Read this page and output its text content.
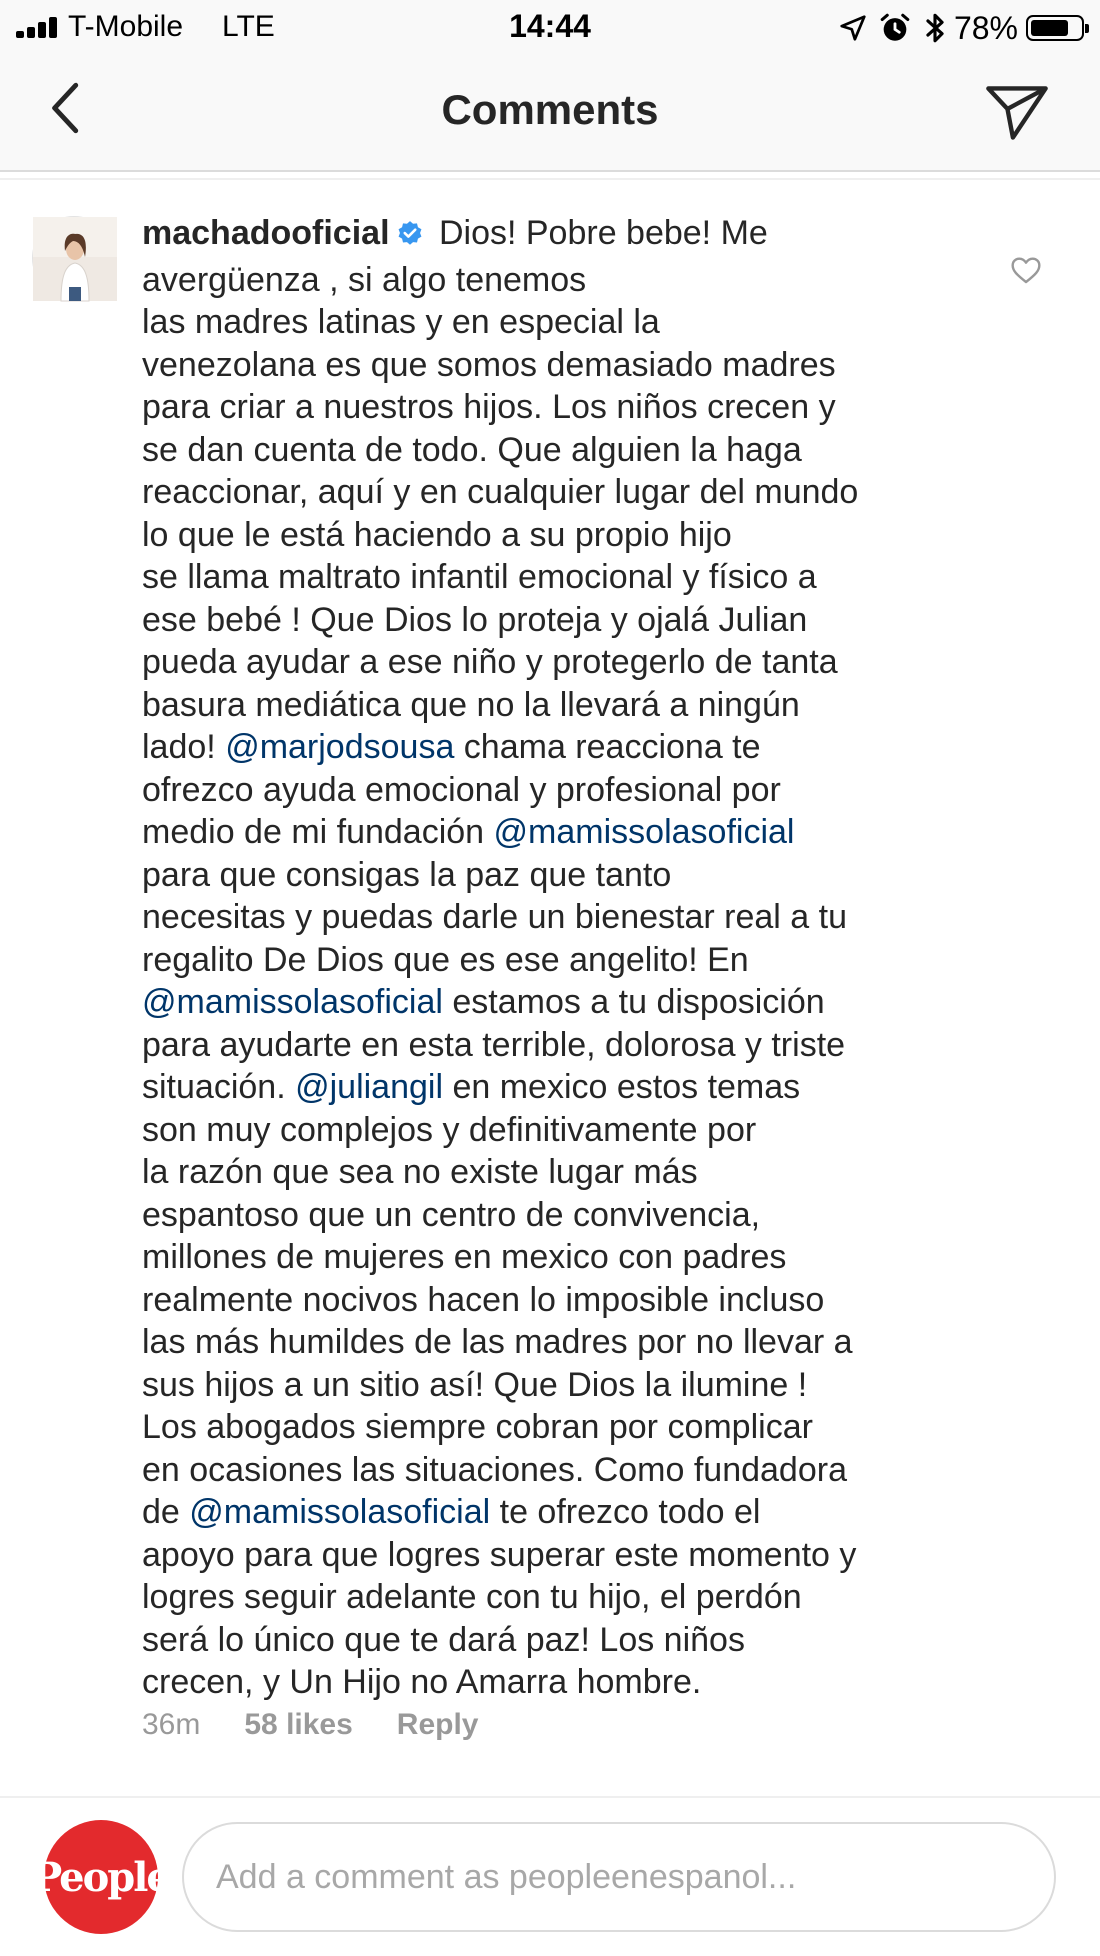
T-Mobile LTE	14:44	78%
Comments
machadooficial Dios! Pobre bebe! Me
avergüenza , si algo tenemos
las madres latinas y en especial la
venezolana es que somos demasiado madres
para criar a nuestros hijos. Los niños crecen y
se dan cuenta de todo. Que alguien la haga
reaccionar, aquí y en cualquier lugar del mundo
lo que le está haciendo a su propio hijo
se llama maltrato infantil emocional y físico a
ese bebé ! Que Dios lo proteja y ojalá Julian
pueda ayudar a ese niño y protegerlo de tanta
basura mediática que no la llevará a ningún
lado! @marjodsousa chama reacciona te
ofrezco ayuda emocional y profesional por
medio de mi fundación @mamissolasoficial
para que consigas la paz que tanto
necesitas y puedas darle un bienestar real a tu
regalito De Dios que es ese angelito! En
@mamissolasoficial estamos a tu disposición
para ayudarte en esta terrible, dolorosa y triste
situación. @juliangil en mexico estos temas
son muy complejos y definitivamente por
la razón que sea no existe lugar más
espantoso que un centro de convivencia,
millones de mujeres en mexico con padres
realmente nocivos hacen lo imposible incluso
las más humildes de las madres por no llevar a
sus hijos a un sitio así! Que Dios la ilumine !
Los abogados siempre cobran por complicar
en ocasiones las situaciones. Como fundadora
de @mamissolasoficial te ofrezco todo el
apoyo para que logres superar este momento y
logres seguir adelante con tu hijo, el perdón
será lo único que te dará paz! Los niños
crecen, y Un Hijo no Amarra hombre.
36m 58 likes Reply
People
Add a comment as peopleenespanol...
